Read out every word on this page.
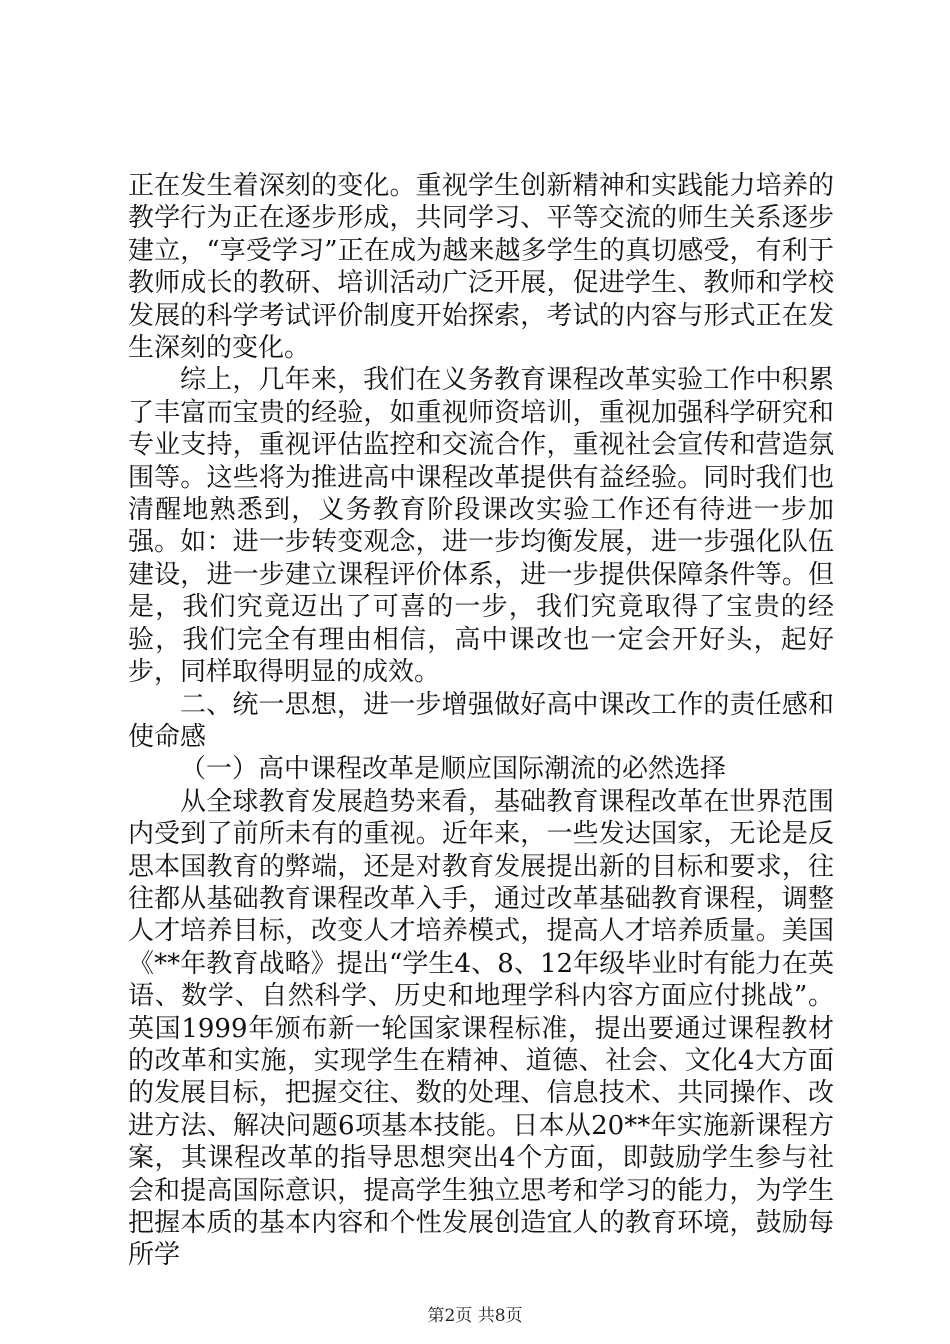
正在发生着深刻的变化。重视学生创新精神和实践能力培养的教学行为正在逐步形成，共同学习、平等交流的师生关系逐步建立，“享受学习”正在成为越来越多学生的真切感受，有利于教师成长的教研、培训活动广泛开展，促进学生、教师和学校发展的科学考试评价制度开始探索，考试的内容与形式正在发生深刻的变化。

综上，几年来，我们在义务教育课程改革实验工作中积累了丰富而宝贵的经验，如重视师资培训，重视加强科学研究和专业支持，重视评估监控和交流合作，重视社会宣传和营造氛围等。这些将为推进高中课程改革提供有益经验。同时我们也清醒地熟悉到，义务教育阶段课改实验工作还有待进一步加强。如：进一步转变观念，进一步均衡发展，进一步强化队伍建设，进一步建立课程评价体系，进一步提供保障条件等。但是，我们究竟迈出了可喜的一步，我们究竟取得了宝贵的经验，我们完全有理由相信，高中课改也一定会开好头，起好步，同样取得明显的成效。

二、统一思想，进一步增强做好高中课改工作的责任感和使命感

（一）高中课程改革是顺应国际潮流的必然选择

从全球教育发展趋势来看，基础教育课程改革在世界范围内受到了前所未有的重视。近年来，一些发达国家，无论是反思本国教育的弊端，还是对教育发展提出新的目标和要求，往往都从基础教育课程改革入手，通过改革基础教育课程，调整人才培养目标，改变人才培养模式，提高人才培养质量。美国《**年教育战略》提出“学生4、8、12年级毕业时有能力在英语、数学、自然科学、历史和地理学科内容方面应付挑战”。英国1999年颁布新一轮国家课程标准，提出要通过课程教材的改革和实施，实现学生在精神、道德、社会、文化4大方面的发展目标，把握交往、数的处理、信息技术、共同操作、改进方法、解决问题6项基本技能。日本从20**年实施新课程方案，其课程改革的指导思想突出4个方面，即鼓励学生参与社会和提高国际意识，提高学生独立思考和学习的能力，为学生把握本质的基本内容和个性发展创造宜人的教育环境，鼓励每所学

第2页 共8页
